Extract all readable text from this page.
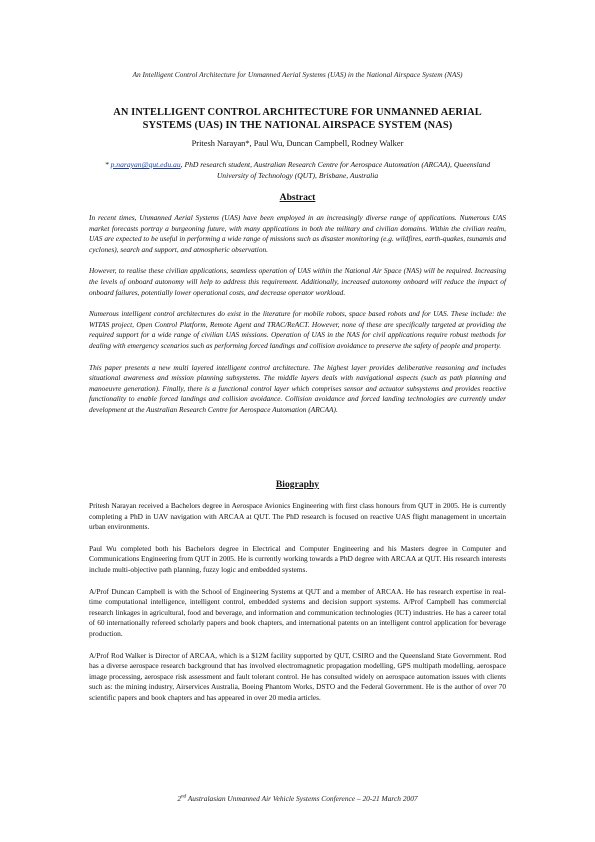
An Intelligent Control Architecture for Unmanned Aerial Systems (UAS) in the National Airspace System (NAS)
AN INTELLIGENT CONTROL ARCHITECTURE FOR UNMANNED AERIAL
SYSTEMS (UAS) IN THE NATIONAL AIRSPACE SYSTEM (NAS)
Pritesh Narayan*, Paul Wu, Duncan Campbell, Rodney Walker
* p.narayan@qut.edu.au, PhD research student, Australian Research Centre for Aerospace Automation (ARCAA), Queensland University of Technology (QUT), Brisbane, Australia
Abstract

In recent times, Unmanned Aerial Systems (UAS) have been employed in an increasingly diverse range of applications. Numerous UAS market forecasts portray a burgeoning future, with many applications in both the military and civilian domains. Within the civilian realm, UAS are expected to be useful in performing a wide range of missions such as disaster monitoring (e.g. wildfires, earth-quakes, tsunamis and cyclones), search and support, and atmospheric observation.

However, to realise these civilian applications, seamless operation of UAS within the National Air Space (NAS) will be required. Increasing the levels of onboard autonomy will help to address this requirement. Additionally, increased autonomy onboard will reduce the impact of onboard failures, potentially lower operational costs, and decrease operator workload.

Numerous intelligent control architectures do exist in the literature for mobile robots, space based robots and for UAS. These include: the WITAS project, Open Control Platform, Remote Agent and TRAC/ReACT. However, none of these are specifically targeted at providing the required support for a wide range of civilian UAS missions. Operation of UAS in the NAS for civil applications require robust methods for dealing with emergency scenarios such as performing forced landings and collision avoidance to preserve the safety of people and property.

This paper presents a new multi layered intelligent control architecture. The highest layer provides deliberative reasoning and includes situational awareness and mission planning subsystems. The middle layers deals with navigational aspects (such as path planning and manoeuvre generation). Finally, there is a functional control layer which comprises sensor and actuator subsystems and provides reactive functionality to enable forced landings and collision avoidance. Collision avoidance and forced landing technologies are currently under development at the Australian Research Centre for Aerospace Automation (ARCAA).

Biography

Pritesh Narayan received a Bachelors degree in Aerospace Avionics Engineering with first class honours from QUT in 2005. He is currently completing a PhD in UAV navigation with ARCAA at QUT. The PhD research is focused on reactive UAS flight management in uncertain urban environments.

Paul Wu completed both his Bachelors degree in Electrical and Computer Engineering and his Masters degree in Computer and Communications Engineering from QUT in 2005. He is currently working towards a PhD degree with ARCAA at QUT. His research interests include multi-objective path planning, fuzzy logic and embedded systems.

A/Prof Duncan Campbell is with the School of Engineering Systems at QUT and a member of ARCAA. He has research expertise in real-time computational intelligence, intelligent control, embedded systems and decision support systems. A/Prof Campbell has commercial research linkages in agricultural, food and beverage, and information and communication technologies (ICT) industries. He has a career total of 60 internationally refereed scholarly papers and book chapters, and international patents on an intelligent control application for beverage production.

A/Prof Rod Walker is Director of ARCAA, which is a $12M facility supported by QUT, CSIRO and the Queensland State Government. Rod has a diverse aerospace research background that has involved electromagnetic propagation modelling, GPS multipath modelling, aerospace image processing, aerospace risk assessment and fault tolerant control. He has consulted widely on aerospace automation issues with clients such as: the mining industry, Airservices Australia, Boeing Phantom Works, DSTO and the Federal Government. He is the author of over 70 scientific papers and book chapters and has appeared in over 20 media articles.

2nd Australasian Unmanned Air Vehicle Systems Conference – 20-21 March 2007
